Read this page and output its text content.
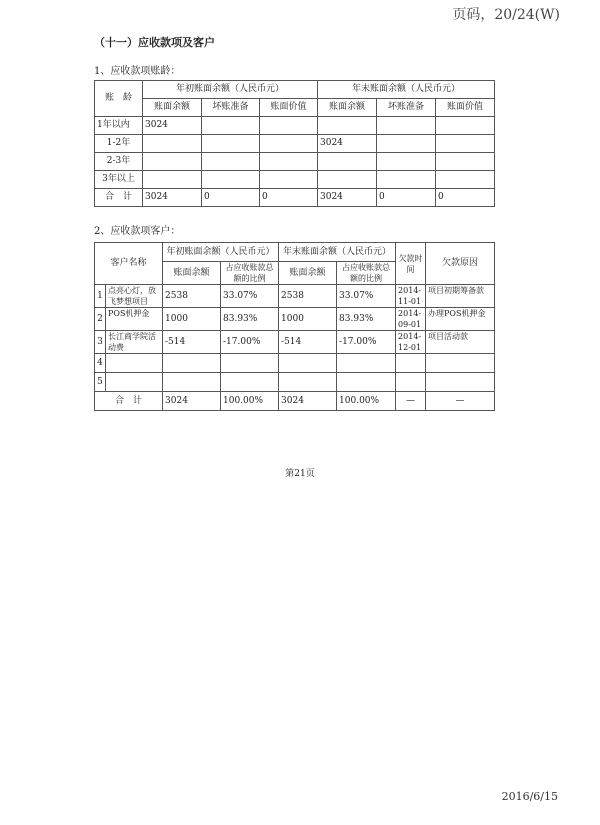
页码，20/24(W)
（十一）应收款项及客户
1、应收款项账龄：
账　龄	年初账面余额（人民币元）			年末账面余额（人民币元）		
	账面余额	坏账准备	账面价值	账面余额	坏账准备	账面价值
1年以内	3024					
1-2年				3024		
2-3年						
3年以上						
合　计	3024	0	0	3024	0	0
2、应收款项客户：
客户名称		年初账面余额（人民币元）		年末账面余额（人民币元）		欠款时间	欠款原因
		账面余额	占应收账款总额的比例	账面余额	占应收账款总额的比例		
1	点亮心灯，放飞梦想项目	2538	33.07%	2538	33.07%	2014-11-01	项目初期筹备款
2	POS机押金	1000	83.93%	1000	83.93%	2014-09-01	办理POS机押金
3	长江商学院活动费	-514	-17.00%	-514	-17.00%	2014-12-01	项目活动款
4							
5							
合　计		3024	100.00%	3024	100.00%	—	—
第21页
2016/6/15
